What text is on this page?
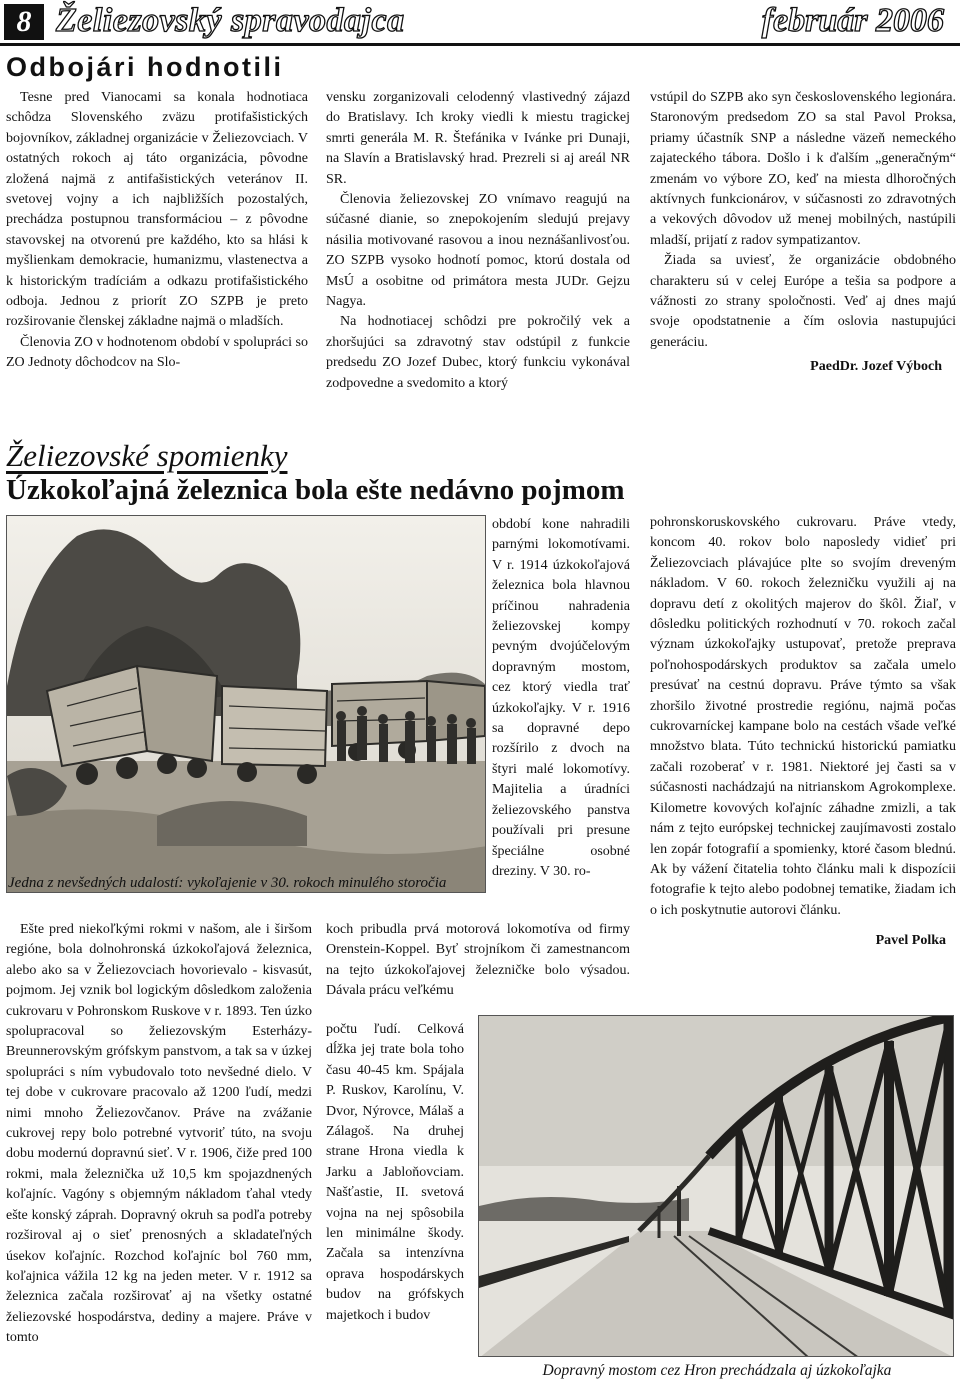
8 Želiezovský spravodajca	február 2006
Odbojári hodnotili

Tesne pred Vianocami sa konala hodnotiaca schôdza Slovenského zväzu protifašistických bojovníkov, základnej organizácie v Želiezovciach. V ostatných rokoch aj táto organizácia, pôvodne zložená najmä z antifašistických veteránov II. svetovej vojny a ich najbližších pozostalých, prechádza postupnou transformáciou – z pôvodne stavovskej na otvorenú pre každého, kto sa hlási k myšlienkam demokracie, humanizmu, vlastenectva a k historickým tradíciám a odkazu protifašistického odboja. Jednou z priorít ZO SZPB je preto rozširovanie členskej základne najmä o mladších.

Členovia ZO v hodnotenom období v spolupráci so ZO Jednoty dôchodcov na Slo-

vensku zorganizovali celodenný vlastivedný zájazd do Bratislavy. Ich kroky viedli k miestu tragickej smrti generála M. R. Štefánika v Ivánke pri Dunaji, na Slavín a Bratislavský hrad. Prezreli si aj areál NR SR.

Členovia želiezovskej ZO vnímavo reagujú na súčasné dianie, so znepokojením sledujú prejavy násilia motivované rasovou a inou neznášanlivosťou. ZO SZPB vysoko hodnotí pomoc, ktorú dostala od MsÚ a osobitne od primátora mesta JUDr. Gejzu Nagya.

Na hodnotiacej schôdzi pre pokročilý vek a zhoršujúci sa zdravotný stav odstúpil z funkcie predsedu ZO Jozef Dubec, ktorý funkciu vykonával zodpovedne a svedomito a ktorý

vstúpil do SZPB ako syn československého legionára. Staronovým predsedom ZO sa stal Pavol Proksa, priamy účastník SNP a následne väzeň nemeckého zajateckého tábora. Došlo i k ďalším „generačným“ zmenám vo výbore ZO, keď na miesta dlhoročných aktívnych funkcionárov, v súčasnosti zo zdravotných a vekových dôvodov už menej mobilných, nastúpili mladší, prijatí z radov sympatizantov.

Žiada sa uviesť, že organizácie obdobného charakteru sú v celej Európe a tešia sa podpore a vážnosti zo strany spoločnosti. Veď aj dnes majú svoje opodstatnenie a čím oslovia nastupujúci generáciu.

PaedDr. Jozef Výboch
Želiezovské spomienky
Úzkokoľajná železnica bola ešte nedávno pojmom
Jedna z nevšedných udalostí: vykoľajenie v 30. rokoch minulého storočia

období kone nahradili parnými lokomotívami. V r. 1914 úzkokoľajová železnica bola hlavnou príčinou nahradenia želiezovskej kompy pevným dvojúčelovým dopravným mostom, cez ktorý viedla trať úzkokoľajky. V r. 1916 sa dopravné depo rozšírilo z dvoch na štyri malé lokomotívy. Majitelia a úradníci želiezovského panstva používali pri presune špeciálne osobné dreziny. V 30. ro-

Ešte pred niekoľkými rokmi v našom, ale i širšom regióne, bola dolnohronská úzkokoľajová železnica, alebo ako sa v Želiezovciach hovorievalo - kisvasút, pojmom. Jej vznik bol logickým dôsledkom založenia cukrovaru v Pohronskom Ruskove v r. 1893. Ten úzko spolupracoval so želiezovským Esterházy-Breunnerovským grófskym panstvom, a tak sa v úzkej spolupráci s ním vybudovalo toto nevšedné dielo. V tej dobe v cukrovare pracovalo až 1200 ľudí, medzi nimi mnoho Želiezovčanov. Práve na zvážanie cukrovej repy bolo potrebné vytvoriť túto, na svoju dobu modernú dopravnú sieť. V r. 1906, čiže pred 100 rokmi, mala železnička už 10,5 km spojazdnených koľajníc. Vagóny s objemným nákladom ťahal vtedy ešte konský záprah. Dopravný okruh sa podľa potreby rozširoval aj o sieť prenosných a skladateľných úsekov koľajníc. Rozchod koľajníc bol 760 mm, koľajnica vážila 12 kg na jeden meter. V r. 1912 sa železnica začala rozširovať aj na všetky ostatné želiezovské hospodárstva, dediny a majere. Práve v tomto

koch pribudla prvá motorová lokomotíva od firmy Orenstein-Koppel. Byť strojníkom či zamestnancom na tejto úzkokoľajovej železničke bolo výsadou. Dávala prácu veľkému

počtu ľudí. Celková dĺžka jej trate bola toho času 40-45 km. Spájala P. Ruskov, Karolínu, V. Dvor, Nýrovce, Málaš a Zálagoš. Na druhej strane Hrona viedla k Jarku a Jabloňovciam. Našťastie, II. svetová vojna na nej spôsobila len minimálne škody. Začala sa intenzívna oprava hospodárskych budov na grófskych majetkoch i budov

pohronskoruskovského cukrovaru. Práve vtedy, koncom 40. rokov bolo naposledy vidieť pri Želiezovciach plávajúce plte so svojím dreveným nákladom. V 60. rokoch železničku využili aj na dopravu detí z okolitých majerov do škôl. Žiaľ, v dôsledku politických rozhodnutí v 70. rokoch začal význam úzkokoľajky ustupovať, pretože preprava poľnohospodárskych produktov sa začala umelo presúvať na cestnú dopravu. Práve týmto sa však zhoršilo životné prostredie regiónu, najmä počas cukrovarníckej kampane bolo na cestách všade veľké množstvo blata. Túto technickú historickú pamiatku začali rozoberať v r. 1981. Niektoré jej časti sa v súčasnosti nachádzajú na nitrianskom Agrokomplexe. Kilometre kovových koľajníc záhadne zmizli, a tak nám z tejto európskej technickej zaujímavosti zostalo len zopár fotografií a spomienky, ktoré časom blednú. Ak by vážení čitatelia tohto článku mali k dispozícii fotografie k tejto alebo podobnej tematike, žiadam ich o ich poskytnutie autorovi článku.

Pavel Polka
Dopravný mostom cez Hron prechádzala aj úzkokoľajka
